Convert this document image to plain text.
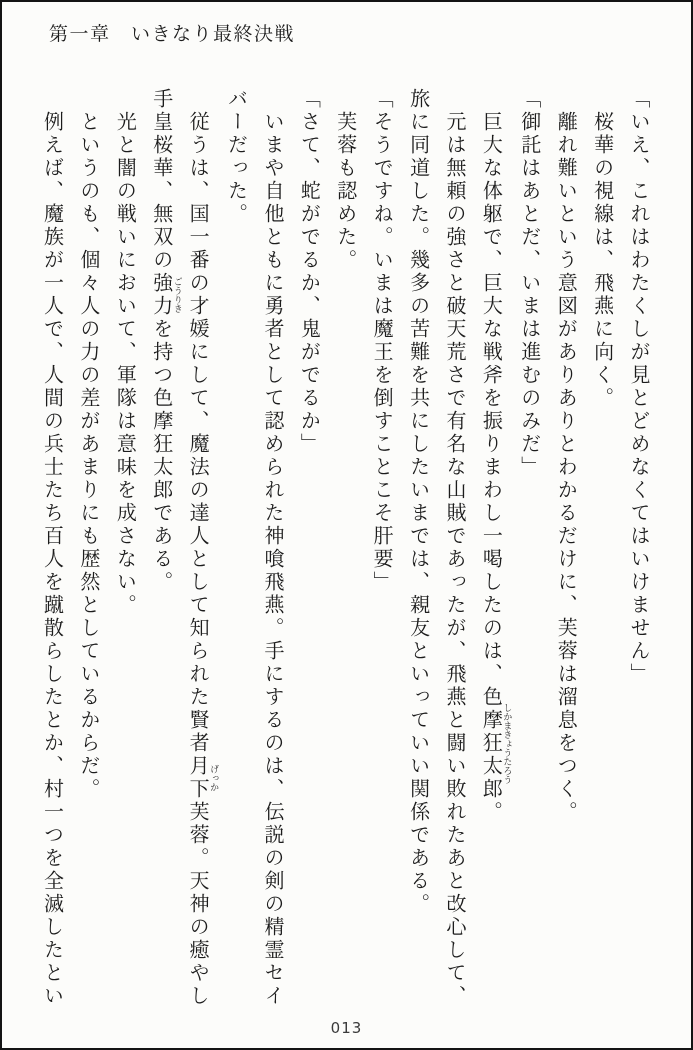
第一章　いきなり最終決戦

「いえ、これはわたくしが見とどめなくてはいけません」

桜華の視線は、飛燕に向く。

離れ難いという意図がありありとわかるだけに、芙蓉は溜息をつく。

「御託はあとだ、いまは進むのみだ」

巨大な体躯で、巨大な戦斧を振りまわし一喝したのは、色摩狂太郎しかまきょうたろう。

元は無頼の強さと破天荒さで有名な山賊であったが、飛燕と闘い敗れたあと改心して、旅に同道した。幾多の苦難を共にしたいまでは、親友といっていい関係である。

「そうですね。いまは魔王を倒すことこそ肝要」

芙蓉も認めた。

「さて、蛇がでるか、鬼がでるか」

いまや自他ともに勇者として認められた神喰飛燕。手にするのは、伝説の剣の精霊セイバーだった。

従うは、国一番の才媛にして、魔法の達人として知られた賢者月下げっか芙蓉。天神の癒やし手皇桜華、無双の強力ごうりきを持つ色摩狂太郎である。

光と闇の戦いにおいて、軍隊は意味を成さない。

というのも、個々人の力の差があまりにも歴然としているからだ。

例えば、魔族が一人で、人間の兵士たち百人を蹴散らしたとか、村一つを全滅したとい

013
